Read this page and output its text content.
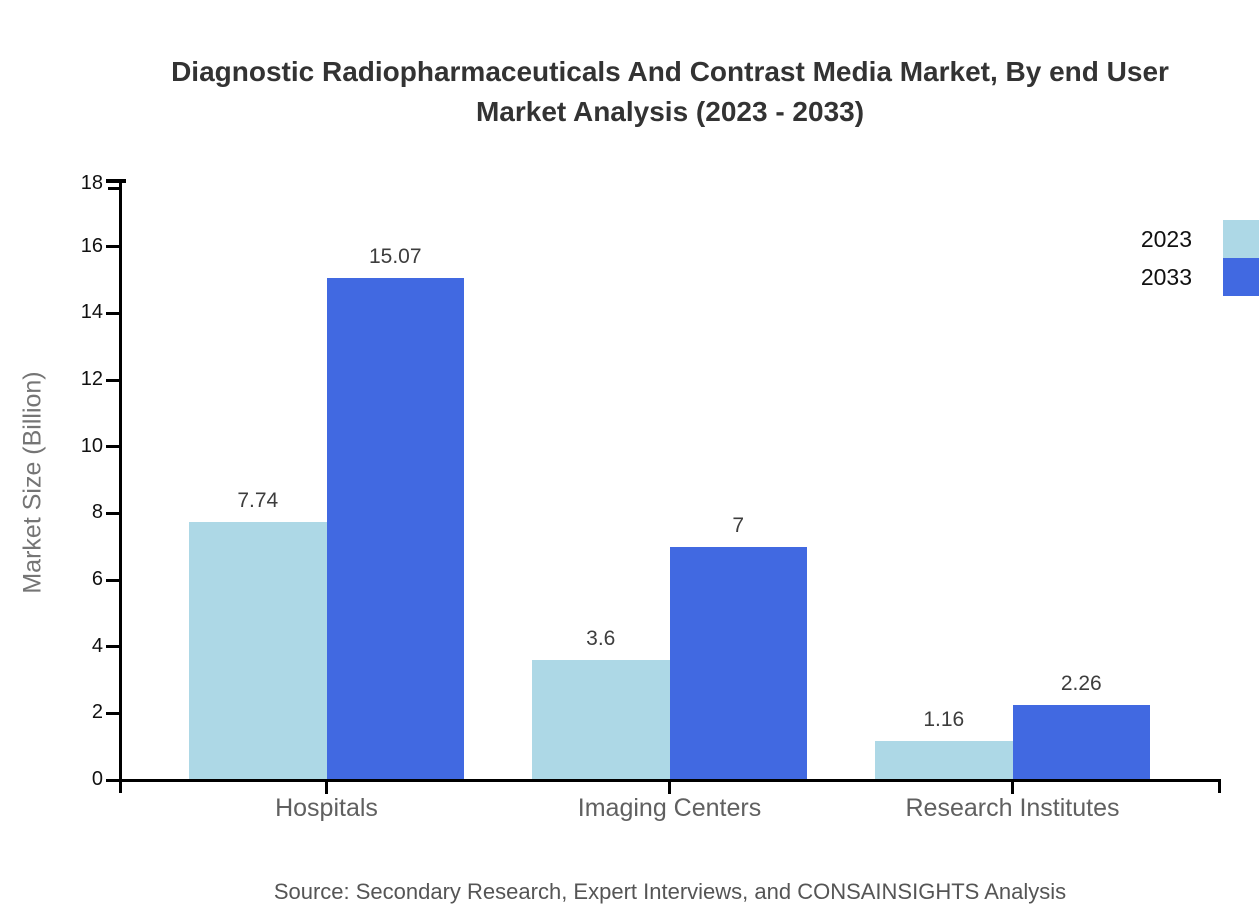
Diagnostic Radiopharmaceuticals And Contrast Media Market, By end User
Market Analysis (2023 - 2033)
2023
2033
7.74
15.07
3.6
7
1.16
2.26
0
2
4
6
8
10
12
14
16
18
Hospitals	Imaging Centers	Research Institutes
Market Size (Billion)
Source: Secondary Research, Expert Interviews, and CONSAINSIGHTS Analysis
